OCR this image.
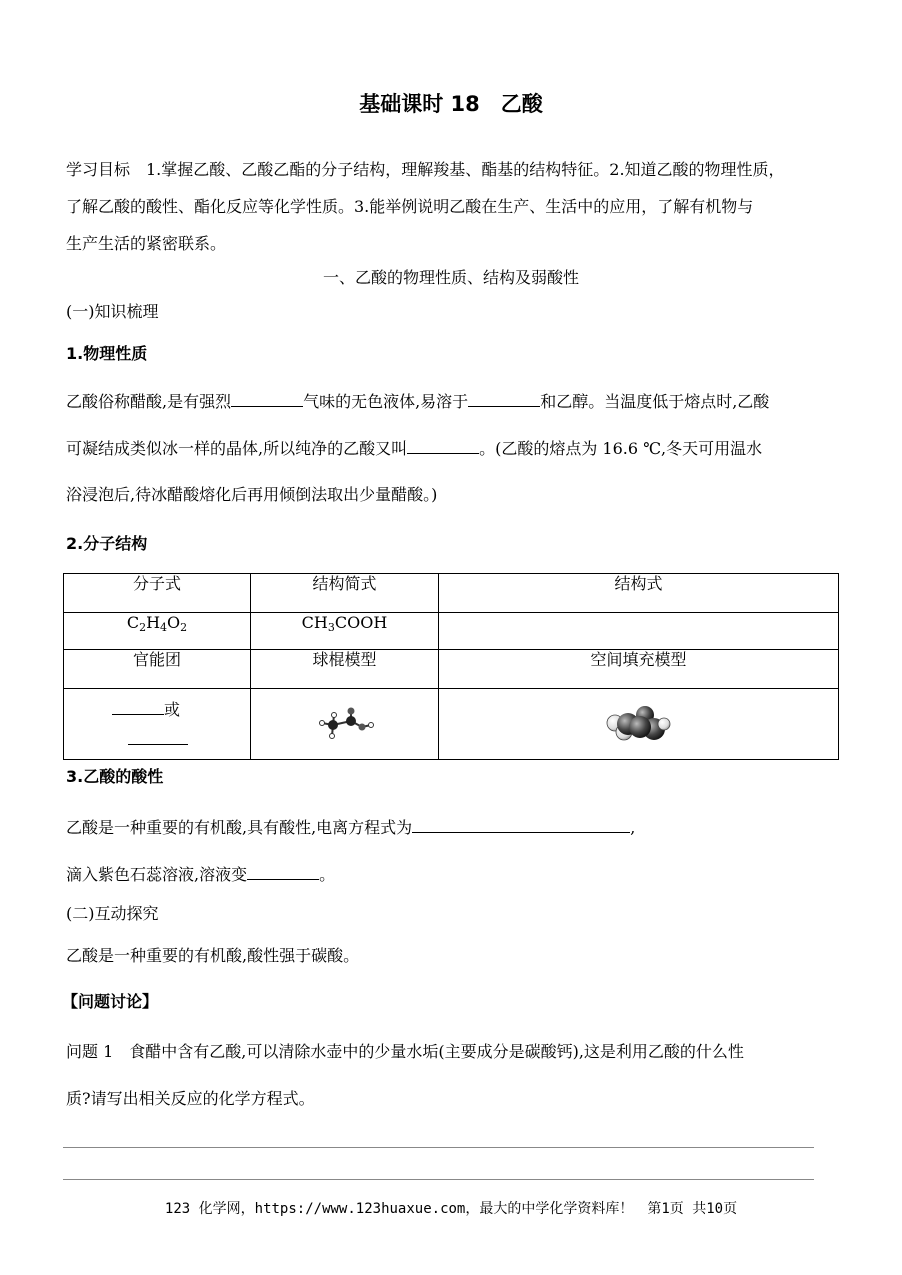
基础课时 18　乙酸
学习目标　1.掌握乙酸、乙酸乙酯的分子结构，理解羧基、酯基的结构特征。2.知道乙酸的物理性质，
了解乙酸的酸性、酯化反应等化学性质。3.能举例说明乙酸在生产、生活中的应用，了解有机物与
生产生活的紧密联系。
一、乙酸的物理性质、结构及弱酸性
(一)知识梳理
1.物理性质
乙酸俗称醋酸,是有强烈	气味的无色液体,易溶于	和乙醇。当温度低于熔点时,乙酸
可凝结成类似冰一样的晶体,所以纯净的乙酸又叫	。(乙酸的熔点为 16.6 ℃,冬天可用温水
浴浸泡后,待冰醋酸熔化后再用倾倒法取出少量醋酸。)
2.分子结构
分子式	结构简式	结构式
$C_2H_4O_2$	$CH_3COOH$	
官能团	球棍模型	空间填充模型

或

3.乙酸的酸性
乙酸是一种重要的有机酸,具有酸性,电离方程式为	,
滴入紫色石蕊溶液,溶液变	。
(二)互动探究
乙酸是一种重要的有机酸,酸性强于碳酸。
【问题讨论】
问题 1　食醋中含有乙酸,可以清除水壶中的少量水垢(主要成分是碳酸钙),这是利用乙酸的什么性
质?请写出相关反应的化学方程式。
123 化学网，https://www.123huaxue.com，最大的中学化学资料库！　第1页 共10页
